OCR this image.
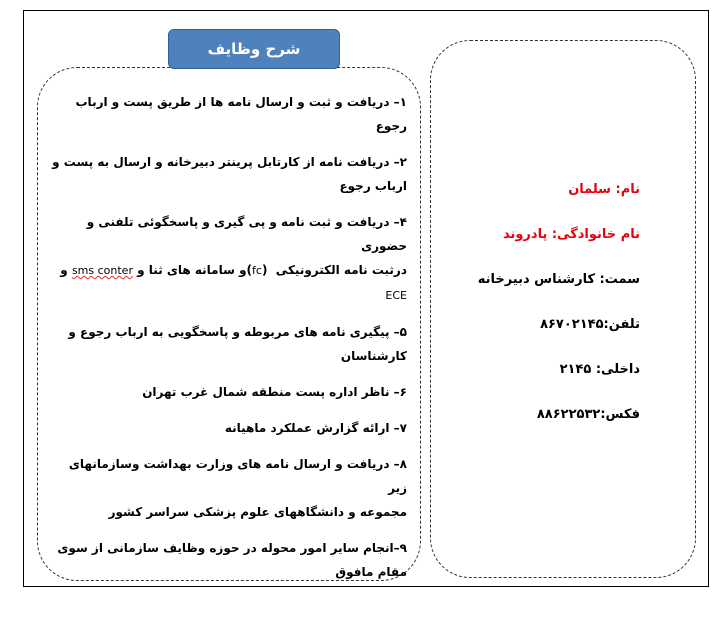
شرح وظایف
۱– دریافت و ثبت و ارسال نامه ها از طریق پست و ارباب رجوع
۲– دریافت نامه از کارتابل پرینتر دبیرخانه و ارسال به پست و
ارباب رجوع
۴– دریافت و ثبت نامه و پی گیری و پاسخگوئی تلفنی و حضوری
درثبت نامه الکترونیکی  (fc)و سامانه های ثنا و sms conter و
ECE
۵– پیگیری نامه های مربوطه و پاسخگویی به ارباب رجوع و
کارشناسان
۶– ناظر اداره پست منطقه شمال غرب تهران
۷– ارائه گزارش عملکرد ماهیانه
۸– دریافت و ارسال نامه های وزارت بهداشت وسازمانهای زیر
مجموعه و دانشگاههای علوم پزشکی سراسر کشور
۹–انجام سایر امور محوله در حوزه وظایف سازمانی از سوی
مقام مافوق
نام: سلمان
نام خانوادگی: پادروند
سمت: کارشناس دبیرخانه
تلفن:۸۶۷۰۲۱۴۵
داخلی: ۲۱۴۵
فکس:۸۸۶۲۲۵۳۲
